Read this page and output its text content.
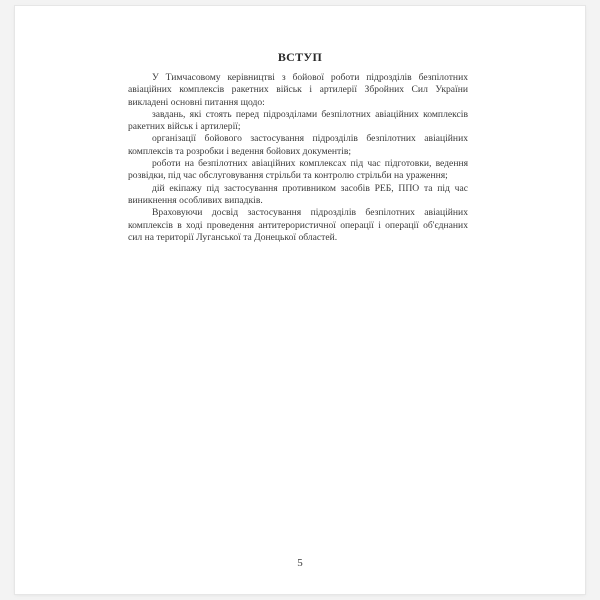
ВСТУП

У Тимчасовому керівництві з бойової роботи підрозділів безпілотних авіаційних комплексів ракетних військ і артилерії Збройних Сил України викладені основні питання щодо:

завдань, які стоять перед підрозділами безпілотних авіаційних комплексів ракетних військ і артилерії;

організації бойового застосування підрозділів безпілотних авіаційних комплексів та розробки і ведення бойових документів;

роботи на безпілотних авіаційних комплексах під час підготовки, ведення розвідки, під час обслуговування стрільби та контролю стрільби на ураження;

дій екіпажу під застосування противником засобів РЕБ, ППО та під час виникнення особливих випадків.

Враховуючи досвід застосування підрозділів безпілотних авіаційних комплексів в ході проведення антитерористичної операції і операції об'єднаних сил на території Луганської та Донецької областей.

5
